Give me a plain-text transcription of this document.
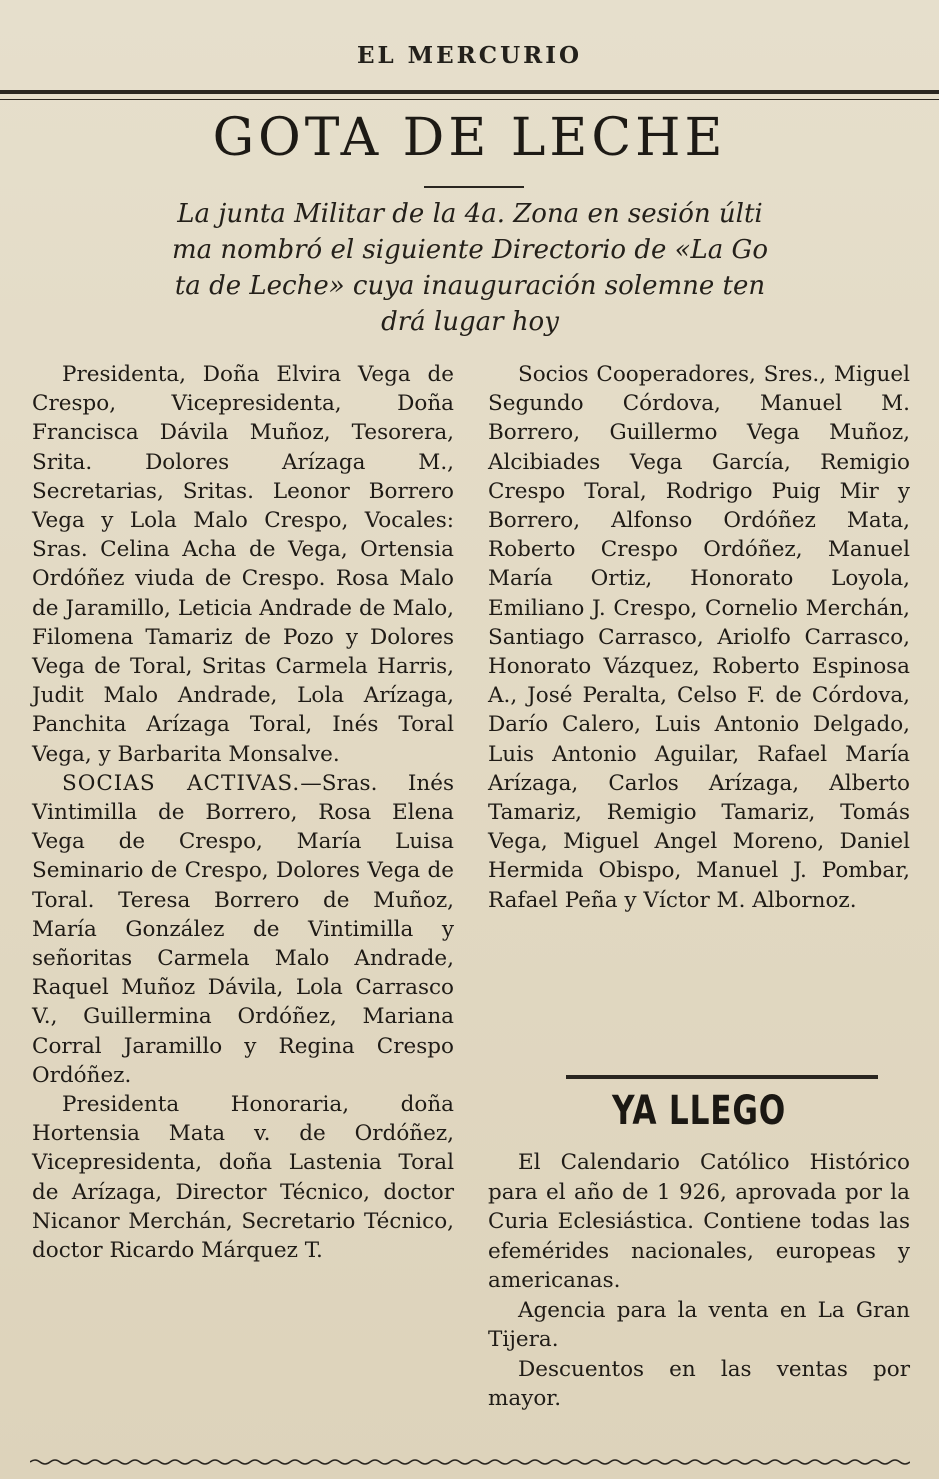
EL MERCURIO
GOTA DE LECHE
La junta Militar de la 4a. Zona en sesión últi
ma nombró el siguiente Directorio de «La Go
ta de Leche» cuya inauguración solemne ten
drá lugar hoy

Presidenta, Doña Elvira Vega de Crespo, Vicepresidenta, Doña Francisca Dávila Muñoz, Tesorera, Srita. Dolores Arízaga M., Secretarias, Sritas. Leonor Borrero Vega y Lola Malo Crespo, Vocales: Sras. Celina Acha de Vega, Ortensia Ordóñez viuda de Crespo. Rosa Malo de Jaramillo, Leticia Andrade de Malo, Filomena Tamariz de Pozo y Dolores Vega de Toral, Sritas Carmela Harris, Judit Malo Andrade, Lola Arízaga, Panchita Arízaga Toral, Inés Toral Vega, y Barbarita Monsalve.

SOCIAS ACTIVAS.—Sras. Inés Vintimilla de Borrero, Rosa Elena Vega de Crespo, María Luisa Seminario de Crespo, Dolores Vega de Toral. Teresa Borrero de Muñoz, María González de Vintimilla y señoritas Carmela Malo Andrade, Raquel Muñoz Dávila, Lola Carrasco V., Guillermina Ordóñez, Mariana Corral Jaramillo y Regina Crespo Ordóñez.

Presidenta Honoraria, doña Hortensia Mata v. de Ordóñez, Vicepresidenta, doña Lastenia Toral de Arízaga, Director Técnico, doctor Nicanor Merchán, Secretario Técnico, doctor Ricardo Márquez T.

Socios Cooperadores, Sres., Miguel Segundo Córdova, Manuel M. Borrero, Guillermo Vega Muñoz, Alcibiades Vega García, Remigio Crespo Toral, Rodrigo Puig Mir y Borrero, Alfonso Ordóñez Mata, Roberto Crespo Ordóñez, Manuel María Ortiz, Honorato Loyola, Emiliano J. Crespo, Cornelio Merchán, Santiago Carrasco, Ariolfo Carrasco, Honorato Vázquez, Roberto Espinosa A., José Peralta, Celso F. de Córdova, Darío Calero, Luis Antonio Delgado, Luis Antonio Aguilar, Rafael María Arízaga, Carlos Arízaga, Alberto Tamariz, Remigio Tamariz, Tomás Vega, Miguel Angel Moreno, Daniel Hermida Obispo, Manuel J. Pombar, Rafael Peña y Víctor M. Albornoz.

YA LLEGO

El Calendario Católico Histórico para el año de 1 926, aprovada por la Curia Eclesiástica. Contiene todas las efemérides nacionales, europeas y americanas.

Agencia para la venta en La Gran Tijera.

Descuentos en las ventas por mayor.
